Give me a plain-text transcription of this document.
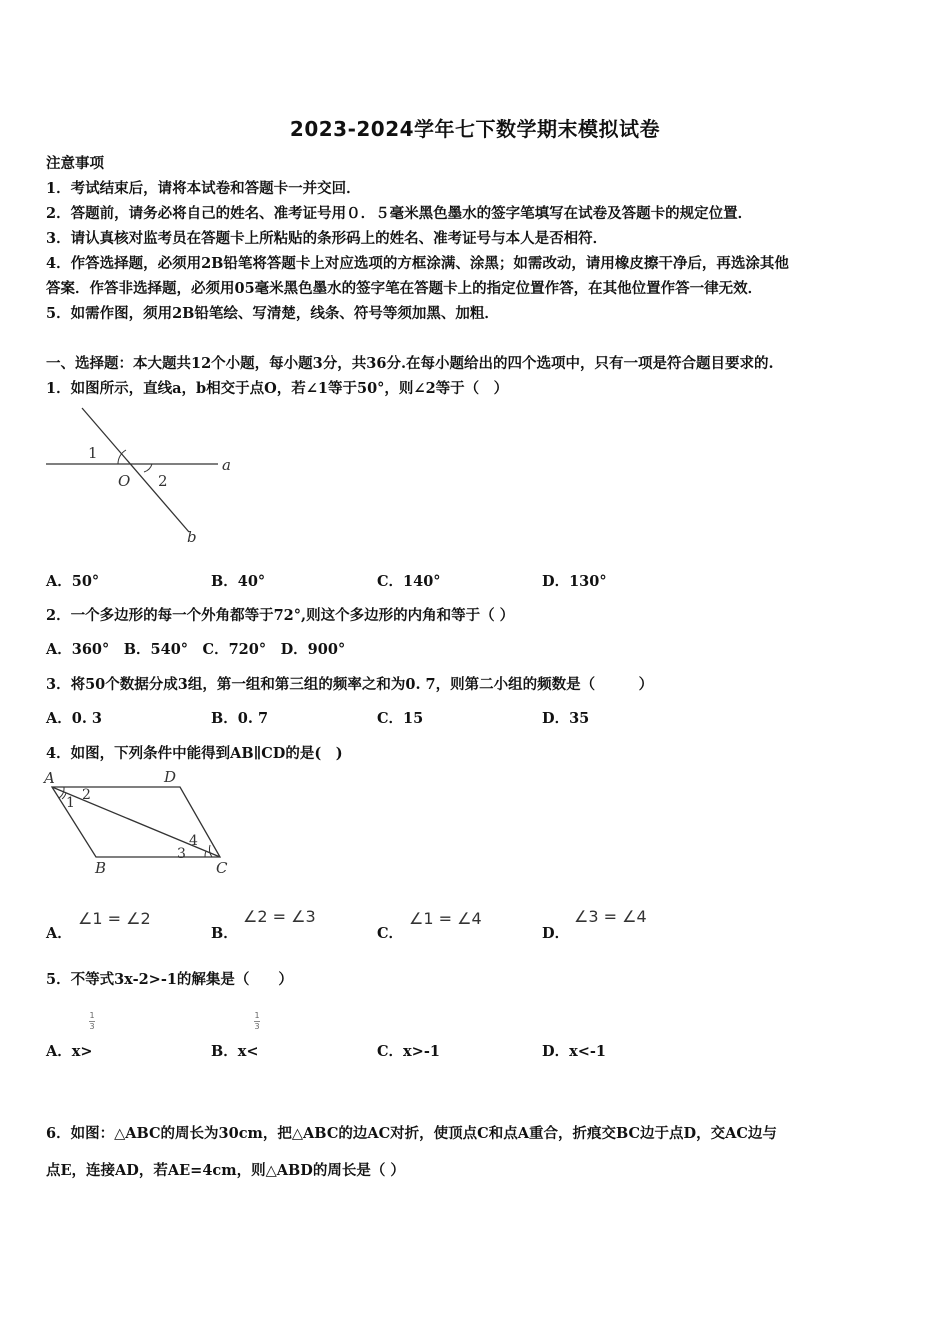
2023-2024学年七下数学期末模拟试卷
注意事项
1．考试结束后，请将本试卷和答题卡一并交回．
2．答题前，请务必将自己的姓名、准考证号用０．５毫米黑色墨水的签字笔填写在试卷及答题卡的规定位置．
3．请认真核对监考员在答题卡上所粘贴的条形码上的姓名、准考证号与本人是否相符．
4．作答选择题，必须用2B铅笔将答题卡上对应选项的方框涂满、涂黑；如需改动，请用橡皮擦干净后，再选涂其他
答案．作答非选择题，必须用05毫米黑色墨水的签字笔在答题卡上的指定位置作答，在其他位置作答一律无效．
5．如需作图，须用2B铅笔绘、写清楚，线条、符号等须加黑、加粗．
一、选择题：本大题共12个小题，每小题3分，共36分.在每小题给出的四个选项中，只有一项是符合题目要求的.
1．如图所示，直线a，b相交于点O，若∠1等于50°，则∠2等于（　）
1
O 2
a
b
A．50°	B．40°	C．140°	D．130°
2．一个多边形的每一个外角都等于72°,则这个多边形的内角和等于（ ）
A．360°　B．540°　C．720°　D．900°
3．将50个数据分成3组，第一组和第三组的频率之和为0. 7，则第二小组的频数是（　　　）
A．0. 3	B．0. 7	C．15	D．35
4．如图，下列条件中能得到AB∥CD的是(　)
A	D
B	C
1 2
3
4
A．
∠1 = ∠2
B．
∠2 = ∠3
C．
∠1 = ∠4
D．
∠3 = ∠4
5．不等式3x-2>-1的解集是（　　）
1
3
1
3
A．x>	B．x<	C．x>-1	D．x<-1
6．如图：△ABC的周长为30cm，把△ABC的边AC对折，使顶点C和点A重合，折痕交BC边于点D，交AC边与
点E，连接AD，若AE=4cm，则△ABD的周长是（ ）
